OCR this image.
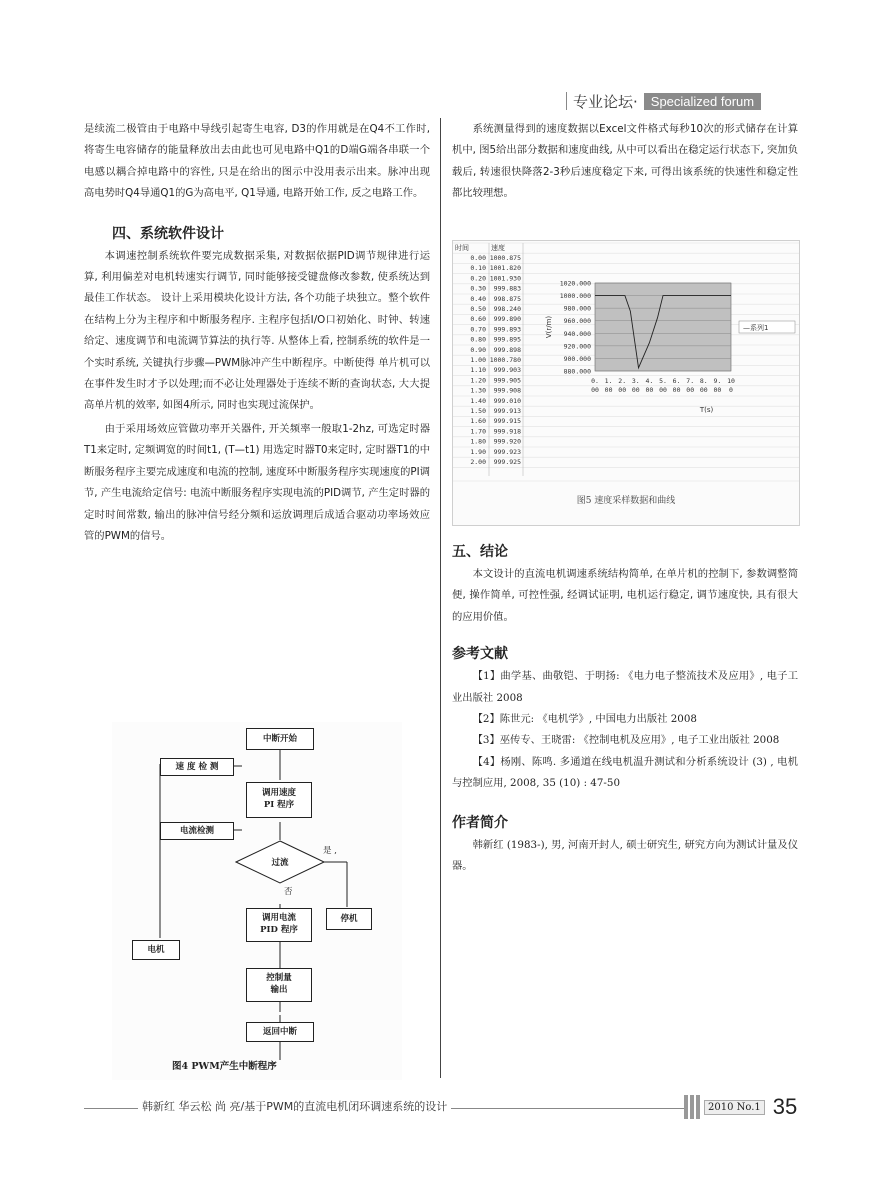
专业论坛·	Specialized forum

是续流二极管由于电路中导线引起寄生电容, D3的作用就是在Q4不工作时, 将寄生电容储存的能量释放出去由此也可见电路中Q1的D端G端各串联一个电感以耦合掉电路中的容性, 只是在给出的图示中没用表示出来。脉冲出现高电势时Q4导通Q1的G为高电平, Q1导通, 电路开始工作, 反之电路工作。

四、系统软件设计

本调速控制系统软件要完成数据采集, 对数据依据PID调节规律进行运算, 利用偏差对电机转速实行调节, 同时能够接受键盘修改参数, 使系统达到最佳工作状态。 设计上采用模块化设计方法, 各个功能子块独立。整个软件在结构上分为主程序和中断服务程序. 主程序包括I/O口初始化、时钟、转速给定、速度调节和电流调节算法的执行等. 从整体上看, 控制系统的软件是一个实时系统, 关键执行步骤—PWM脉冲产生中断程序。中断使得 单片机可以在事件发生时才予以处理;而不必让处理器处于连续不断的查询状态, 大大提高单片机的效率, 如图4所示, 同时也实现过流保护。

由于采用场效应管做功率开关器件, 开关频率一般取1-2hz, 可选定时器T1来定时, 定频调宽的时间t1, (T—t1) 用选定时器T0来定时, 定时器T1的中断服务程序主要完成速度和电流的控制, 速度环中断服务程序实现速度的PI调节, 产生电流给定信号: 电流中断服务程序实现电流的PID调节, 产生定时器的定时时间常数, 输出的脉冲信号经分频和运放调理后成适合驱动功率场效应管的PWM的信号。

中断开始
速 度 检 测
调用速度
PI 程序
电流检测
过流
是 ,
否
调用电流
PID 程序
停机
电机
控制量
输出
返回中断
图4 PWM产生中断程序

系统测量得到的速度数据以Excel文件格式每秒10次的形式储存在计算机中, 图5给出部分数据和速度曲线, 从中可以看出在稳定运行状态下, 突加负载后, 转速很快降落2-3秒后速度稳定下来, 可得出该系统的快速性和稳定性都比较理想。

时间	速度
0.00 1000.875
0.10 1001.820
0.20 1001.930
0.30 999.883
0.40 998.875
0.50 998.240
0.60 999.890
0.70 999.893
0.80 999.895
0.90 999.898
1.00 1000.780
1.10 999.903
1.20 999.905
1.30 999.908
1.40 999.010
1.50 999.913
1.60 999.915
1.70 999.918
1.80 999.920
1.90 999.923
2.00 999.925
1020.000
1000.000
980.000
960.000
940.000
920.000
900.000
880.000
0.
00
1.
00
2.
00
3.
00
4.
00
5.
00
6.
00
7.
00
8.
00
9.
00
10
0
T(s)
V(r/m)	—系列1
图5 速度采样数据和曲线
五、结论

本文设计的直流电机调速系统结构简单, 在单片机的控制下, 参数调整简便, 操作简单, 可控性强, 经调试证明, 电机运行稳定, 调节速度快, 具有很大的应用价值。

参考文献

【1】曲学基、曲敬铠、于明扬: 《电力电子整流技术及应用》, 电子工业出版社 2008

【2】陈世元: 《电机学》, 中国电力出版社 2008

【3】巫传专、王晓雷: 《控制电机及应用》, 电子工业出版社 2008

【4】杨刚、陈鸣. 多通道在线电机温升测试和分析系统设计 (3) , 电机与控制应用, 2008, 35 (10) : 47-50

作者简介

韩新红 (1983-), 男, 河南开封人, 硕士研究生, 研究方向为测试计量及仪器。

韩新红 华云松 尚 亮/基于PWM的直流电机闭环调速系统的设计	2010 No.1 35
